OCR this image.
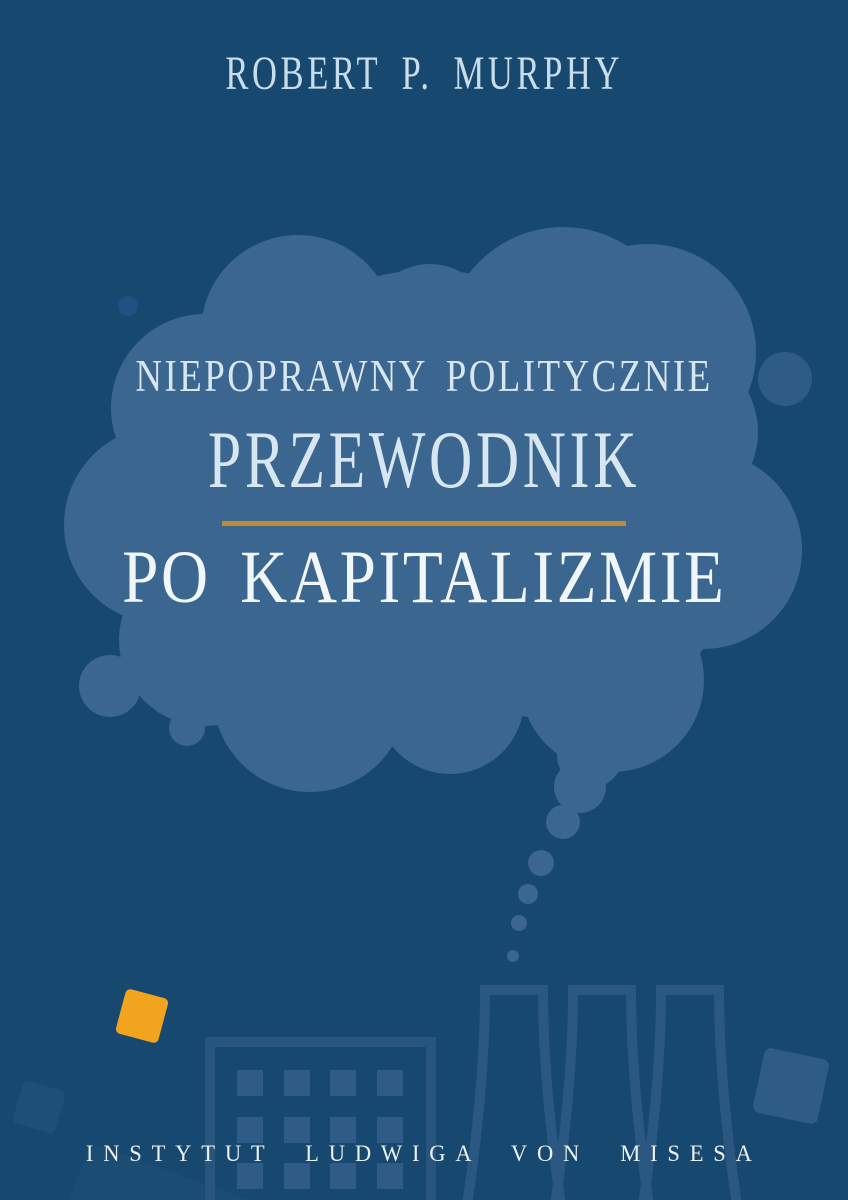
ROBERT P. MURPHY
NIEPOPRAWNY POLITYCZNIE
PRZEWODNIK
PO KAPITALIZMIE
INSTYTUT LUDWIGA VON MISESA
